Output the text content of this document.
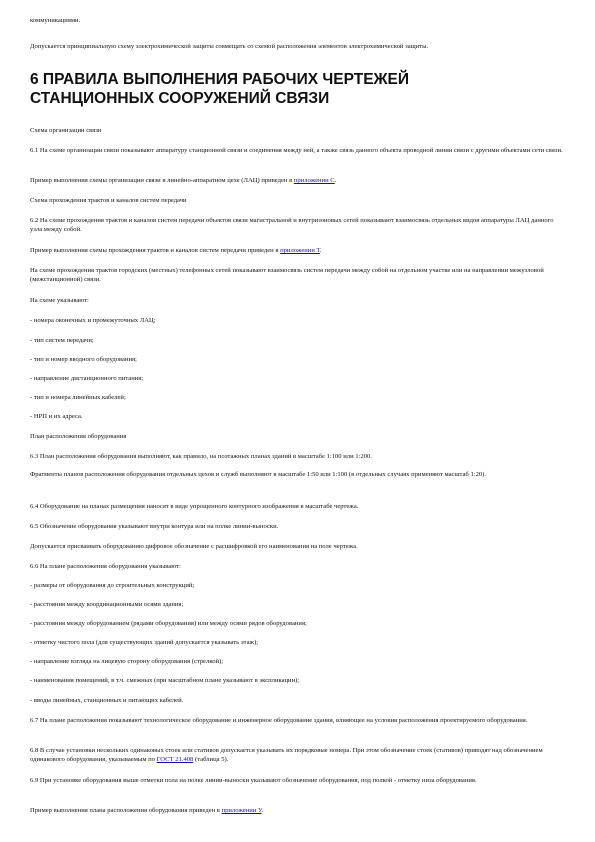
коммуникациями.

Допускается принципиальную схему электрохимической защиты совмещать со схемой расположения элементов электрохимической защиты.

6 ПРАВИЛА ВЫПОЛНЕНИЯ РАБОЧИХ ЧЕРТЕЖЕЙ
СТАНЦИОННЫХ СООРУЖЕНИЙ СВЯЗИ

Схема организации связи

6.1 На схеме организации связи показывают аппаратуру станционной связи и соединения между ней, а также связь данного объекта проводной линии связи с другими объектами сети связи.

Пример выполнения схемы организации связи в линейно-аппаратном цехе (ЛАЦ) приведен в приложении С.

Схема прохождения трактов и каналов систем передачи

6.2 На схеме прохождения трактов и каналов систем передачи объектов связи магистральной и внутризоновых сетей показывают взаимосвязь отдельных видов аппаратуры ЛАЦ данного узла между собой.

Пример выполнения схемы прохождения трактов и каналов систем передачи приведен в приложении Т.

На схеме прохождения трактов городских (местных) телефонных сетей показывают взаимосвязь систем передачи между собой на отдельном участке или на направлении межузловой (межстанционной) связи.

На схеме указывают:

- номера оконечных и промежуточных ЛАЦ;

- тип систем передачи;

- тип и номер вводного оборудования;

- направление дистанционного питания;

- тип и номера линейных кабелей;

- НРП и их адреса.

План расположения оборудования

6.3 План расположения оборудования выполняют, как правило, на поэтажных планах зданий в масштабе 1:100 или 1:200.

Фрагменты планов расположения оборудования отдельных цехов и служб выполняют в масштабе 1:50 или 1:100 (в отдельных случаях применяют масштаб 1:20).

6.4 Оборудование на планах размещения наносят в виде упрощенного контурного изображения в масштабе чертежа.

6.5 Обозначение оборудования указывают внутри контура или на полке линии-выноски.

Допускается присваивать оборудованию цифровое обозначение с расшифровкой его наименования на поле чертежа.

6.6 На плане расположения оборудования указывают:

- размеры от оборудования до строительных конструкций;

- расстояния между координационными осями здания;

- расстояния между оборудованием (рядами оборудования) или между осями рядов оборудования;

- отметку чистого пола (для существующих зданий допускается указывать этаж);

- направление взгляда на лицевую сторону оборудования (стрелкой);

- наименования помещений, в т.ч. смежных (при масштабном плане указывают в экспликации);

- вводы линейных, станционных и питающих кабелей.

6.7 На плане расположения показывают технологическое оборудование и инженерное оборудование здания, влияющее на условия расположения проектируемого оборудования.

6.8 В случае установки нескольких одинаковых стоек или стативов допускается указывать их порядковые номера. При этом обозначение стоек (стативов) приводят над обозначением одинакового оборудования, указываемым по ГОСТ 21.408 (таблица 5).

6.9 При установке оборудования выше отметки пола на полке линии-выноски указывают обозначение оборудования, под полкой - отметку низа оборудования.

Пример выполнения плана расположения оборудования приведен в приложении У.
